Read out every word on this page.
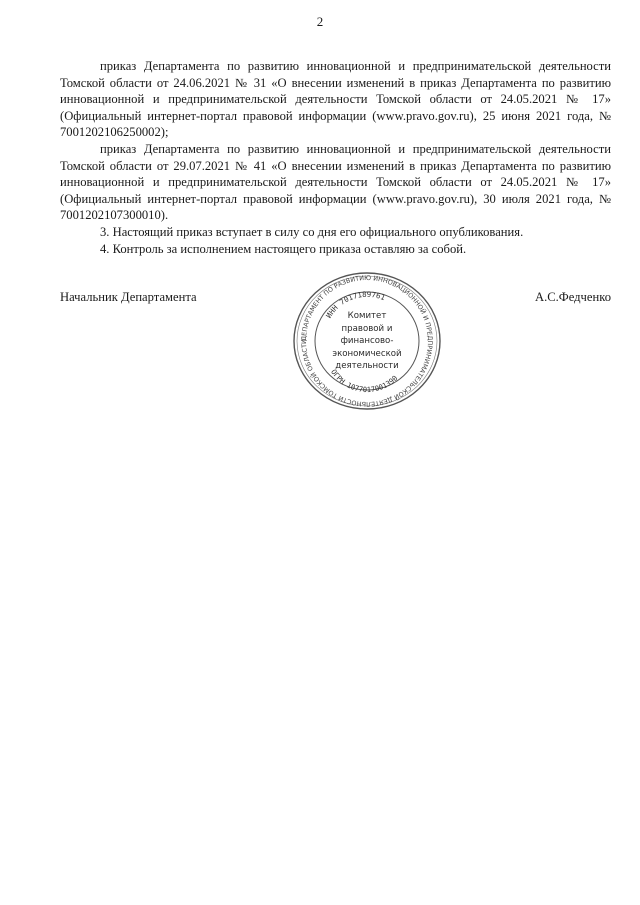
2

приказ Департамента по развитию инновационной и предпринимательской деятельности Томской области от 24.06.2021 № 31 «О внесении изменений в приказ Департамента по развитию инновационной и предпринимательской деятельности Томской области от 24.05.2021 № 17» (Официальный интернет-портал правовой информации (www.pravo.gov.ru), 25 июня 2021 года, № 7001202106250002);

приказ Департамента по развитию инновационной и предпринимательской деятельности Томской области от 29.07.2021 № 41 «О внесении изменений в приказ Департамента по развитию инновационной и предпринимательской деятельности Томской области от 24.05.2021 № 17» (Официальный интернет-портал правовой информации (www.pravo.gov.ru), 30 июля 2021 года, № 7001202107300010).

3. Настоящий приказ вступает в силу со дня его официального опубликования.

4. Контроль за исполнением настоящего приказа оставляю за собой.

Начальник Департамента	А.С.Федченко
ДЕПАРТАМЕНТ ПО РАЗВИТИЮ ИННОВАЦИОННОЙ И ПРЕДПРИНИМАТЕЛЬСКОЙ ДЕЯТЕЛЬНОСТИ ТОМСКОЙ ОБЛАСТИ
ИНН 7017189761
ОГРН 1077017001390
Комитет
правовой и
финансово-
экономической
деятельности
